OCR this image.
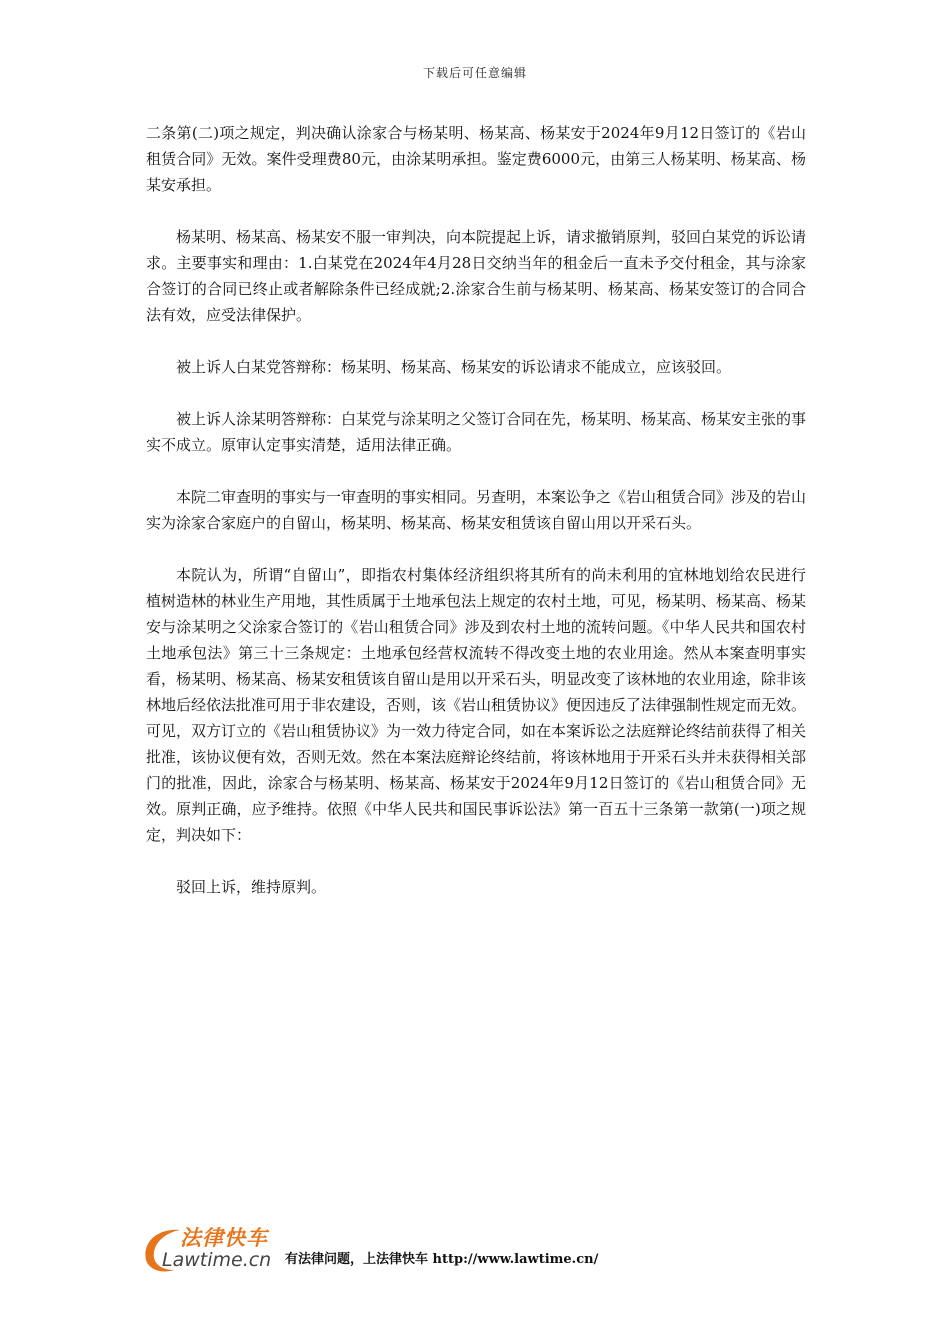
下载后可任意编辑

二条第(二)项之规定，判决确认涂家合与杨某明、杨某高、杨某安于2024年9月12日签订的《岩山租赁合同》无效。案件受理费80元，由涂某明承担。鉴定费6000元，由第三人杨某明、杨某高、杨某安承担。

杨某明、杨某高、杨某安不服一审判决，向本院提起上诉，请求撤销原判，驳回白某党的诉讼请求。主要事实和理由：1.白某党在2024年4月28日交纳当年的租金后一直未予交付租金，其与涂家合签订的合同已终止或者解除条件已经成就;2.涂家合生前与杨某明、杨某高、杨某安签订的合同合法有效，应受法律保护。

被上诉人白某党答辩称：杨某明、杨某高、杨某安的诉讼请求不能成立，应该驳回。

被上诉人涂某明答辩称：白某党与涂某明之父签订合同在先，杨某明、杨某高、杨某安主张的事实不成立。原审认定事实清楚，适用法律正确。

本院二审查明的事实与一审查明的事实相同。另查明，本案讼争之《岩山租赁合同》涉及的岩山实为涂家合家庭户的自留山，杨某明、杨某高、杨某安租赁该自留山用以开采石头。

本院认为，所谓“自留山”，即指农村集体经济组织将其所有的尚未利用的宜林地划给农民进行植树造林的林业生产用地，其性质属于土地承包法上规定的农村土地，可见，杨某明、杨某高、杨某安与涂某明之父涂家合签订的《岩山租赁合同》涉及到农村土地的流转问题。《中华人民共和国农村土地承包法》第三十三条规定：土地承包经营权流转不得改变土地的农业用途。然从本案查明事实看，杨某明、杨某高、杨某安租赁该自留山是用以开采石头，明显改变了该林地的农业用途，除非该林地后经依法批准可用于非农建设，否则，该《岩山租赁协议》便因违反了法律强制性规定而无效。可见，双方订立的《岩山租赁协议》为一效力待定合同，如在本案诉讼之法庭辩论终结前获得了相关批准，该协议便有效，否则无效。然在本案法庭辩论终结前，将该林地用于开采石头并未获得相关部门的批准，因此，涂家合与杨某明、杨某高、杨某安于2024年9月12日签订的《岩山租赁合同》无效。原判正确，应予维持。依照《中华人民共和国民事诉讼法》第一百五十三条第一款第(一)项之规定，判决如下：

驳回上诉，维持原判。

法律快车
Lawtime.cn 有法律问题，上法律快车 http://www.lawtime.cn/
